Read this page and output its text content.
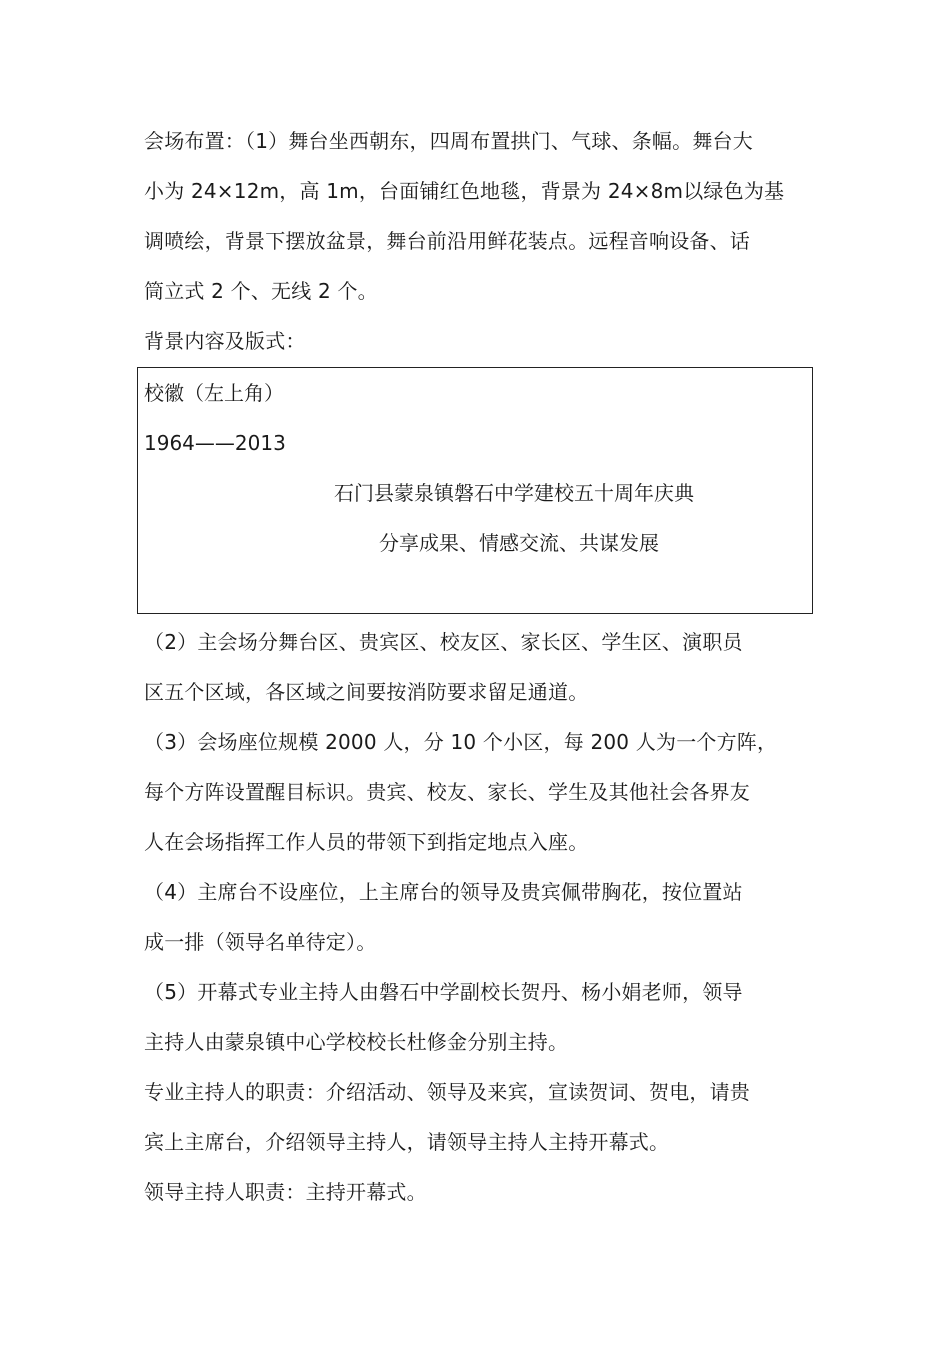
会场布置：（1）舞台坐西朝东，四周布置拱门、气球、条幅。舞台大
小为 24×12m，高 1m，台面铺红色地毯，背景为 24×8m以绿色为基
调喷绘，背景下摆放盆景，舞台前沿用鲜花装点。远程音响设备、话
筒立式 2 个、无线 2 个。
背景内容及版式：
校徽（左上角）
1964——2013
石门县蒙泉镇磐石中学建校五十周年庆典
分享成果、情感交流、共谋发展
（2）主会场分舞台区、贵宾区、校友区、家长区、学生区、演职员
区五个区域，各区域之间要按消防要求留足通道。
（3）会场座位规模 2000 人，分 10 个小区，每 200 人为一个方阵，
每个方阵设置醒目标识。贵宾、校友、家长、学生及其他社会各界友
人在会场指挥工作人员的带领下到指定地点入座。
（4）主席台不设座位，上主席台的领导及贵宾佩带胸花，按位置站
成一排（领导名单待定）。
（5）开幕式专业主持人由磐石中学副校长贺丹、杨小娟老师，领导
主持人由蒙泉镇中心学校校长杜修金分别主持。
专业主持人的职责：介绍活动、领导及来宾，宣读贺词、贺电，请贵
宾上主席台，介绍领导主持人，请领导主持人主持开幕式。
领导主持人职责：主持开幕式。
